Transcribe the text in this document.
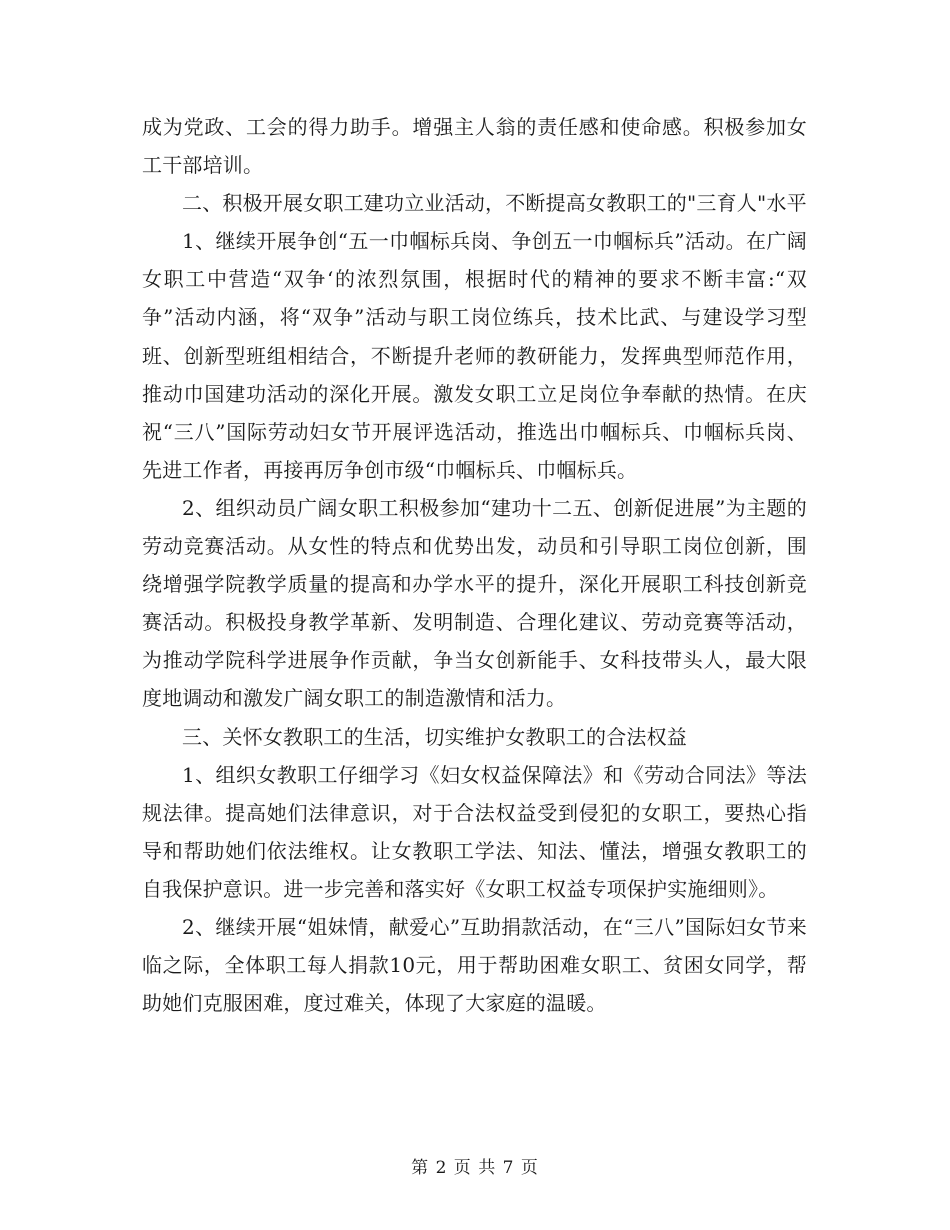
成为党政、工会的得力助手。增强主人翁的责任感和使命感。积极参加女工干部培训。

二、积极开展女职工建功立业活动，不断提高女教职工的"三育人"水平

1、继续开展争创“五一巾帼标兵岗、争创五一巾帼标兵”活动。在广阔女职工中营造“双争‘的浓烈氛围，根据时代的精神的要求不断丰富:“双争”活动内涵，将“双争”活动与职工岗位练兵，技术比武、与建设学习型班、创新型班组相结合，不断提升老师的教研能力，发挥典型师范作用，推动巾国建功活动的深化开展。激发女职工立足岗位争奉献的热情。在庆祝“三八”国际劳动妇女节开展评选活动，推选出巾帼标兵、巾帼标兵岗、先进工作者，再接再厉争创市级“巾帼标兵、巾帼标兵。

2、组织动员广阔女职工积极参加“建功十二五、创新促进展”为主题的劳动竞赛活动。从女性的特点和优势出发，动员和引导职工岗位创新，围绕增强学院教学质量的提高和办学水平的提升，深化开展职工科技创新竞赛活动。积极投身教学革新、发明制造、合理化建议、劳动竞赛等活动，为推动学院科学进展争作贡献，争当女创新能手、女科技带头人，最大限度地调动和激发广阔女职工的制造激情和活力。

三、关怀女教职工的生活，切实维护女教职工的合法权益

1、组织女教职工仔细学习《妇女权益保障法》和《劳动合同法》等法规法律。提高她们法律意识，对于合法权益受到侵犯的女职工，要热心指导和帮助她们依法维权。让女教职工学法、知法、懂法，增强女教职工的自我保护意识。进一步完善和落实好《女职工权益专项保护实施细则》。

2、继续开展“姐妹情，献爱心”互助捐款活动，在“三八”国际妇女节来临之际，全体职工每人捐款10元，用于帮助困难女职工、贫困女同学，帮助她们克服困难，度过难关，体现了大家庭的温暖。

第 2 页 共 7 页
